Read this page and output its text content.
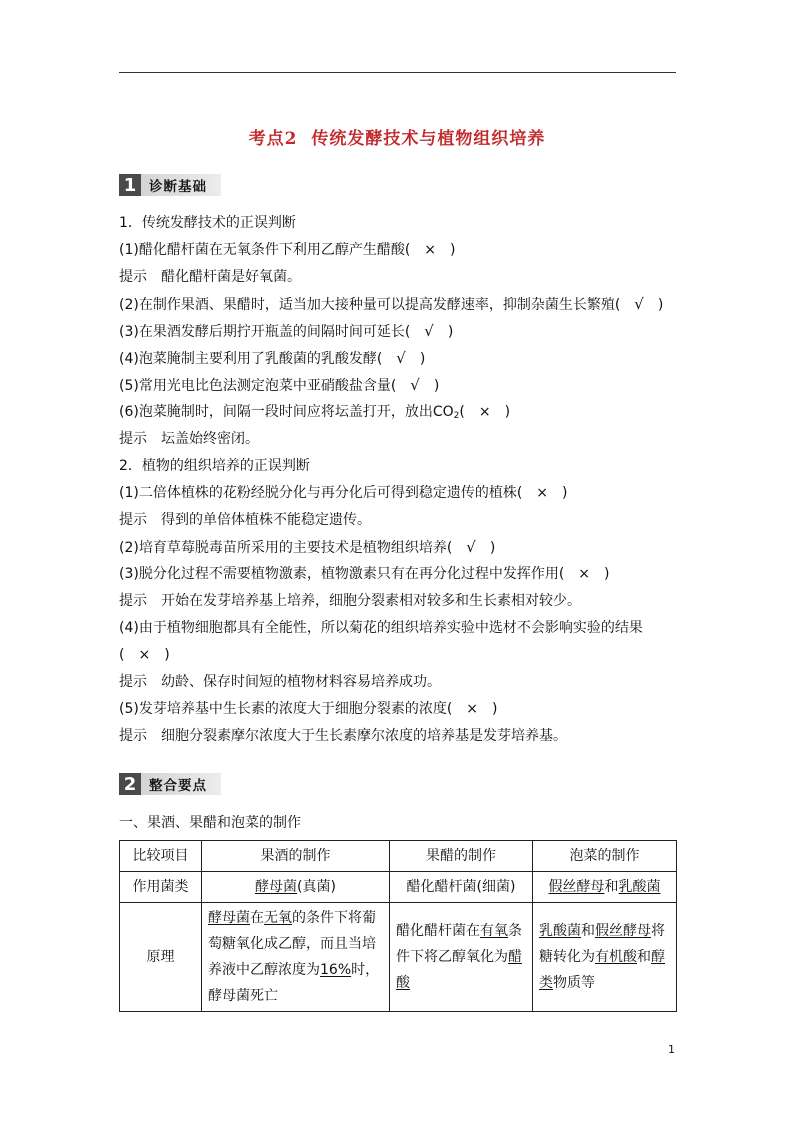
考点2 传统发酵技术与植物组织培养
1 诊断基础
1．传统发酵技术的正误判断
(1)醋化醋杆菌在无氧条件下利用乙醇产生醋酸( × )
提示　醋化醋杆菌是好氧菌。
(2)在制作果酒、果醋时，适当加大接种量可以提高发酵速率，抑制杂菌生长繁殖( √ )
(3)在果酒发酵后期拧开瓶盖的间隔时间可延长( √ )
(4)泡菜腌制主要利用了乳酸菌的乳酸发酵( √ )
(5)常用光电比色法测定泡菜中亚硝酸盐含量( √ )
(6)泡菜腌制时，间隔一段时间应将坛盖打开，放出$CO_2$( × )
提示　坛盖始终密闭。
2．植物的组织培养的正误判断
(1)二倍体植株的花粉经脱分化与再分化后可得到稳定遗传的植株( × )
提示　得到的单倍体植株不能稳定遗传。
(2)培育草莓脱毒苗所采用的主要技术是植物组织培养( √ )
(3)脱分化过程不需要植物激素，植物激素只有在再分化过程中发挥作用( × )
提示　开始在发芽培养基上培养，细胞分裂素相对较多和生长素相对较少。
(4)由于植物细胞都具有全能性，所以菊花的组织培养实验中选材不会影响实验的结果
( × )
提示　幼龄、保存时间短的植物材料容易培养成功。
(5)发芽培养基中生长素的浓度大于细胞分裂素的浓度( × )
提示　细胞分裂素摩尔浓度大于生长素摩尔浓度的培养基是发芽培养基。
2 整合要点
一、果酒、果醋和泡菜的制作
比较项目	果酒的制作	果醋的制作	泡菜的制作
作用菌类	酵母菌(真菌)	醋化醋杆菌(细菌)	假丝酵母和乳酸菌
原理	酵母菌在无氧的条件下将葡萄糖氧化成乙醇，而且当培养液中乙醇浓度为16%时，酵母菌死亡	醋化醋杆菌在有氧条件下将乙醇氧化为醋酸	乳酸菌和假丝酵母将糖转化为有机酸和醇类物质等
1
